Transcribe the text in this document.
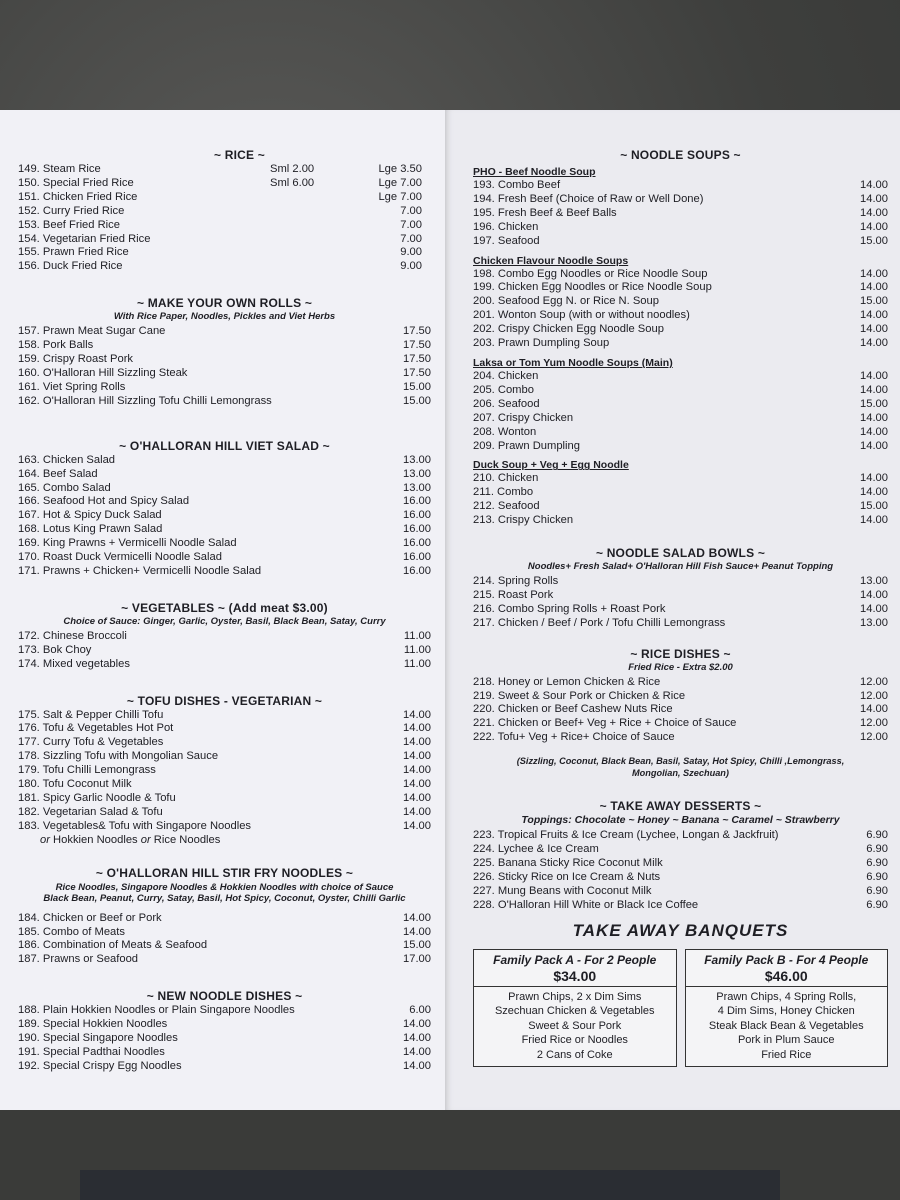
~ RICE ~
149. Steam Rice	Sml 2.00	Lge 3.50
150. Special Fried Rice	Sml 6.00	Lge 7.00
151. Chicken Fried Rice	Lge 7.00
152. Curry Fried Rice	7.00
153. Beef Fried Rice	7.00
154. Vegetarian Fried Rice	7.00
155. Prawn Fried Rice	9.00
156. Duck Fried Rice	9.00
~ MAKE YOUR OWN ROLLS ~
With Rice Paper, Noodles, Pickles and Viet Herbs
157. Prawn Meat Sugar Cane	17.50
158. Pork Balls	17.50
159. Crispy Roast Pork	17.50
160. O'Halloran Hill Sizzling Steak	17.50
161. Viet Spring Rolls	15.00
162. O'Halloran Hill Sizzling Tofu Chilli Lemongrass	15.00
~ O'HALLORAN HILL VIET SALAD ~
163. Chicken Salad	13.00
164. Beef Salad	13.00
165. Combo Salad	13.00
166. Seafood Hot and Spicy Salad	16.00
167. Hot & Spicy Duck Salad	16.00
168. Lotus King Prawn Salad	16.00
169. King Prawns + Vermicelli Noodle Salad	16.00
170. Roast Duck Vermicelli Noodle Salad	16.00
171. Prawns + Chicken+ Vermicelli Noodle Salad	16.00
~ VEGETABLES ~ (Add meat $3.00)
Choice of Sauce: Ginger, Garlic, Oyster, Basil, Black Bean, Satay, Curry
172. Chinese Broccoli	11.00
173. Bok Choy	11.00
174. Mixed vegetables	11.00
~ TOFU DISHES - VEGETARIAN ~
175. Salt & Pepper Chilli Tofu	14.00
176. Tofu & Vegetables Hot Pot	14.00
177. Curry Tofu & Vegetables	14.00
178. Sizzling Tofu with Mongolian Sauce	14.00
179. Tofu Chilli Lemongrass	14.00
180. Tofu Coconut Milk	14.00
181. Spicy Garlic Noodle & Tofu	14.00
182. Vegetarian Salad & Tofu	14.00
183. Vegetables& Tofu with Singapore Noodles	14.00
or Hokkien Noodles or Rice Noodles
~ O'HALLORAN HILL STIR FRY NOODLES ~
Rice Noodles, Singapore Noodles & Hokkien Noodles with choice of Sauce
Black Bean, Peanut, Curry, Satay, Basil, Hot Spicy, Coconut, Oyster, Chilli Garlic
184. Chicken or Beef or Pork	14.00
185. Combo of Meats	14.00
186. Combination of Meats & Seafood	15.00
187. Prawns or Seafood	17.00
~ NEW NOODLE DISHES ~
188. Plain Hokkien Noodles or Plain Singapore Noodles	6.00
189. Special Hokkien Noodles	14.00
190. Special Singapore Noodles	14.00
191. Special Padthai Noodles	14.00
192. Special Crispy Egg Noodles	14.00
~ NOODLE SOUPS ~
PHO - Beef Noodle Soup
193. Combo Beef	14.00
194. Fresh Beef (Choice of Raw or Well Done)	14.00
195. Fresh Beef & Beef Balls	14.00
196. Chicken	14.00
197. Seafood	15.00
Chicken Flavour Noodle Soups
198. Combo Egg Noodles or Rice Noodle Soup	14.00
199. Chicken Egg Noodles or Rice Noodle Soup	14.00
200. Seafood Egg N. or Rice N. Soup	15.00
201. Wonton Soup (with or without noodles)	14.00
202. Crispy Chicken Egg Noodle Soup	14.00
203. Prawn Dumpling Soup	14.00
Laksa or Tom Yum Noodle Soups (Main)
204. Chicken	14.00
205. Combo	14.00
206. Seafood	15.00
207. Crispy Chicken	14.00
208. Wonton	14.00
209. Prawn Dumpling	14.00
Duck Soup + Veg + Egg Noodle
210. Chicken	14.00
211. Combo	14.00
212. Seafood	15.00
213. Crispy Chicken	14.00
~ NOODLE SALAD BOWLS ~
Noodles+ Fresh Salad+ O'Halloran Hill Fish Sauce+ Peanut Topping
214. Spring Rolls	13.00
215. Roast Pork	14.00
216. Combo Spring Rolls + Roast Pork	14.00
217. Chicken / Beef / Pork / Tofu Chilli Lemongrass	13.00
~ RICE DISHES ~
Fried Rice - Extra $2.00
218. Honey or Lemon Chicken & Rice	12.00
219. Sweet & Sour Pork or Chicken & Rice	12.00
220. Chicken or Beef Cashew Nuts Rice	14.00
221. Chicken or Beef+ Veg + Rice + Choice of Sauce	12.00
222. Tofu+ Veg + Rice+ Choice of Sauce	12.00
(Sizzling, Coconut, Black Bean, Basil, Satay, Hot Spicy, Chilli ,Lemongrass,
Mongolian, Szechuan)
~ TAKE AWAY DESSERTS ~
Toppings: Chocolate ~ Honey ~ Banana ~ Caramel ~ Strawberry
223. Tropical Fruits & Ice Cream (Lychee, Longan & Jackfruit)	6.90
224. Lychee & Ice Cream	6.90
225. Banana Sticky Rice Coconut Milk	6.90
226. Sticky Rice on Ice Cream & Nuts	6.90
227. Mung Beans with Coconut Milk	6.90
228. O'Halloran Hill White or Black Ice Coffee	6.90
TAKE AWAY BANQUETS
Family Pack A - For 2 People
$34.00
Prawn Chips, 2 x Dim Sims
Szechuan Chicken & Vegetables
Sweet & Sour Pork
Fried Rice or Noodles
2 Cans of Coke
Family Pack B - For 4 People
$46.00
Prawn Chips, 4 Spring Rolls,
4 Dim Sims, Honey Chicken
Steak Black Bean & Vegetables
Pork in Plum Sauce
Fried Rice
